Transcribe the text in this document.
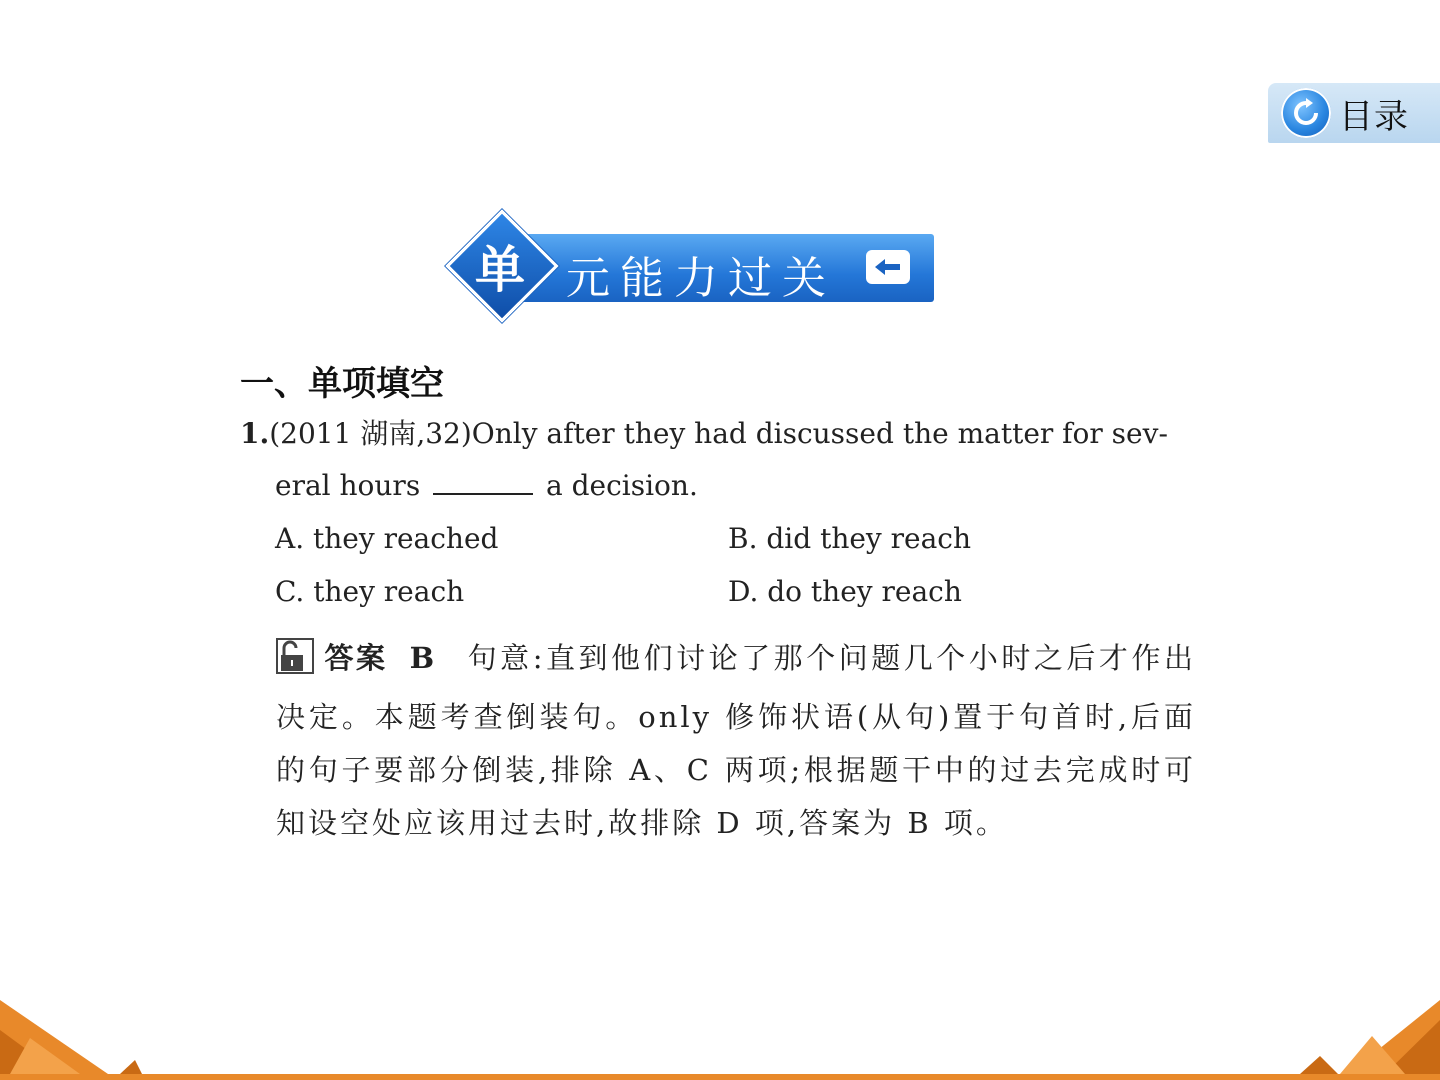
目录
单 元能力过关
一、单项填空
1.(2011 湖南,32)Only after they had discussed the matter for sev-
eral hours	a decision.
A. they reached	B. did they reach
C. they reach	D. do they reach
答案 B 句意:直到他们讨论了那个问题几个小时之后才作出决定。本题考查倒装句。only 修饰状语(从句)置于句首时,后面的句子要部分倒装,排除 A、C 两项;根据题干中的过去完成时可知设空处应该用过去时,故排除 D 项,答案为 B 项。
